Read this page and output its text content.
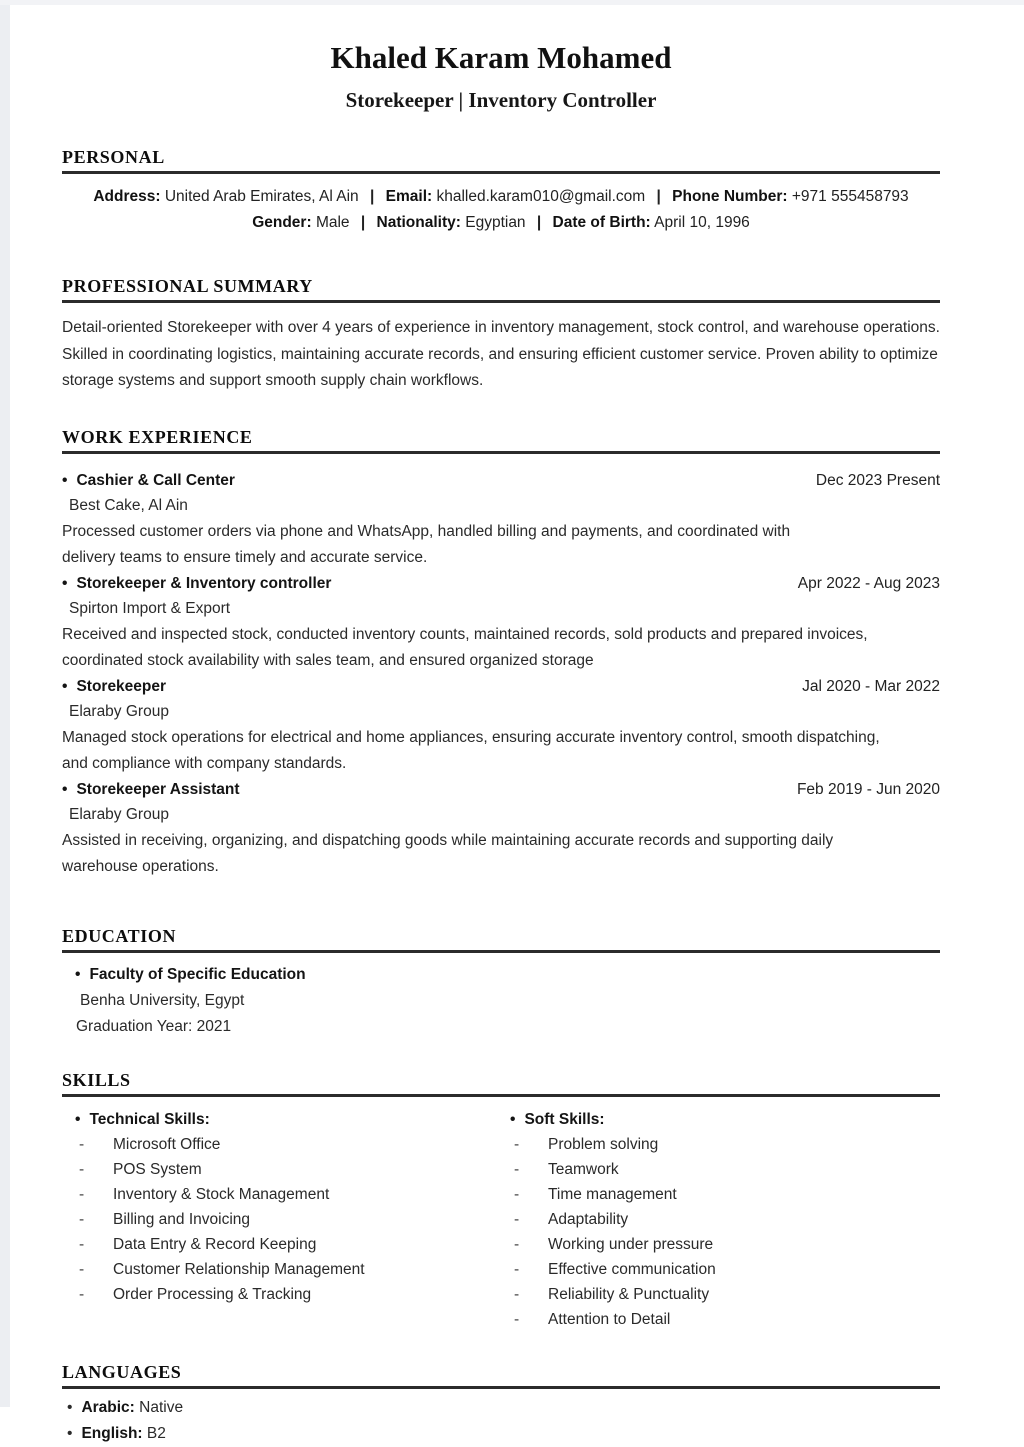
Khaled Karam Mohamed
Storekeeper | Inventory Controller
PERSONAL
Address: United Arab Emirates, Al Ain | Email: khalled.karam010@gmail.com | Phone Number: +971 555458793
Gender: Male | Nationality: Egyptian | Date of Birth: April 10, 1996
PROFESSIONAL SUMMARY
Detail-oriented Storekeeper with over 4 years of experience in inventory management, stock control, and warehouse operations.
Skilled in coordinating logistics, maintaining accurate records, and ensuring efficient customer service. Proven ability to optimize
storage systems and support smooth supply chain workflows.
WORK EXPERIENCE
• Cashier & Call Center	Dec 2023 Present
Best Cake, Al Ain
Processed customer orders via phone and WhatsApp, handled billing and payments, and coordinated with
delivery teams to ensure timely and accurate service.
• Storekeeper & Inventory controller	Apr 2022 - Aug 2023
Spirton Import & Export
Received and inspected stock, conducted inventory counts, maintained records, sold products and prepared invoices,
coordinated stock availability with sales team, and ensured organized storage
• Storekeeper	Jal 2020 - Mar 2022
Elaraby Group
Managed stock operations for electrical and home appliances, ensuring accurate inventory control, smooth dispatching,
and compliance with company standards.
• Storekeeper Assistant	Feb 2019 - Jun 2020
Elaraby Group
Assisted in receiving, organizing, and dispatching goods while maintaining accurate records and supporting daily
warehouse operations.
EDUCATION
• Faculty of Specific Education
Benha University, Egypt
Graduation Year: 2021
SKILLS
• Technical Skills:
-	Microsoft Office
-	POS System
-	Inventory & Stock Management
-	Billing and Invoicing
-	Data Entry & Record Keeping
-	Customer Relationship Management
-	Order Processing & Tracking
• Soft Skills:
-	Problem solving
-	Teamwork
-	Time management
-	Adaptability
-	Working under pressure
-	Effective communication
-	Reliability & Punctuality
-	Attention to Detail
LANGUAGES
• Arabic: Native
• English: B2
